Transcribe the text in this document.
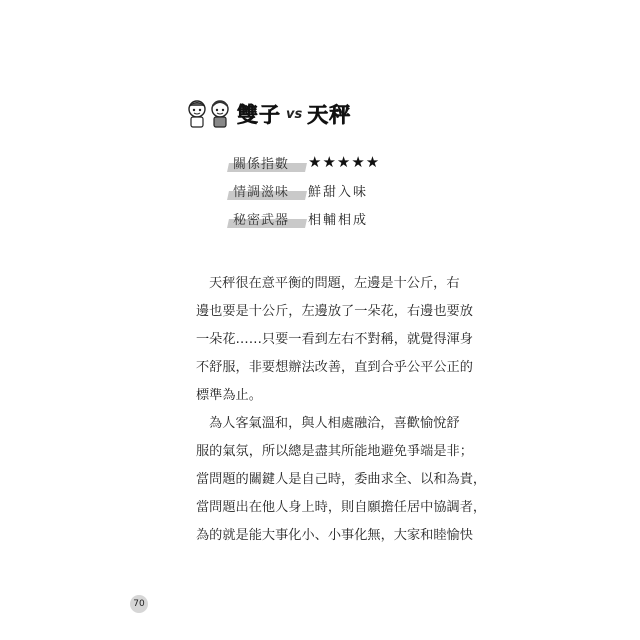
雙子 vs 天秤
關係指數	★★★★★
情調滋味	鮮甜入味
秘密武器	相輔相成
天秤很在意平衡的問題，左邊是十公斤，右
邊也要是十公斤，左邊放了一朵花，右邊也要放
一朵花……只要一看到左右不對稱，就覺得渾身
不舒服，非要想辦法改善，直到合乎公平公正的
標準為止。
為人客氣溫和，與人相處融洽，喜歡愉悅舒
服的氣氛，所以總是盡其所能地避免爭端是非；
當問題的關鍵人是自己時，委曲求全、以和為貴，
當問題出在他人身上時，則自願擔任居中協調者，
為的就是能大事化小、小事化無，大家和睦愉快
70
